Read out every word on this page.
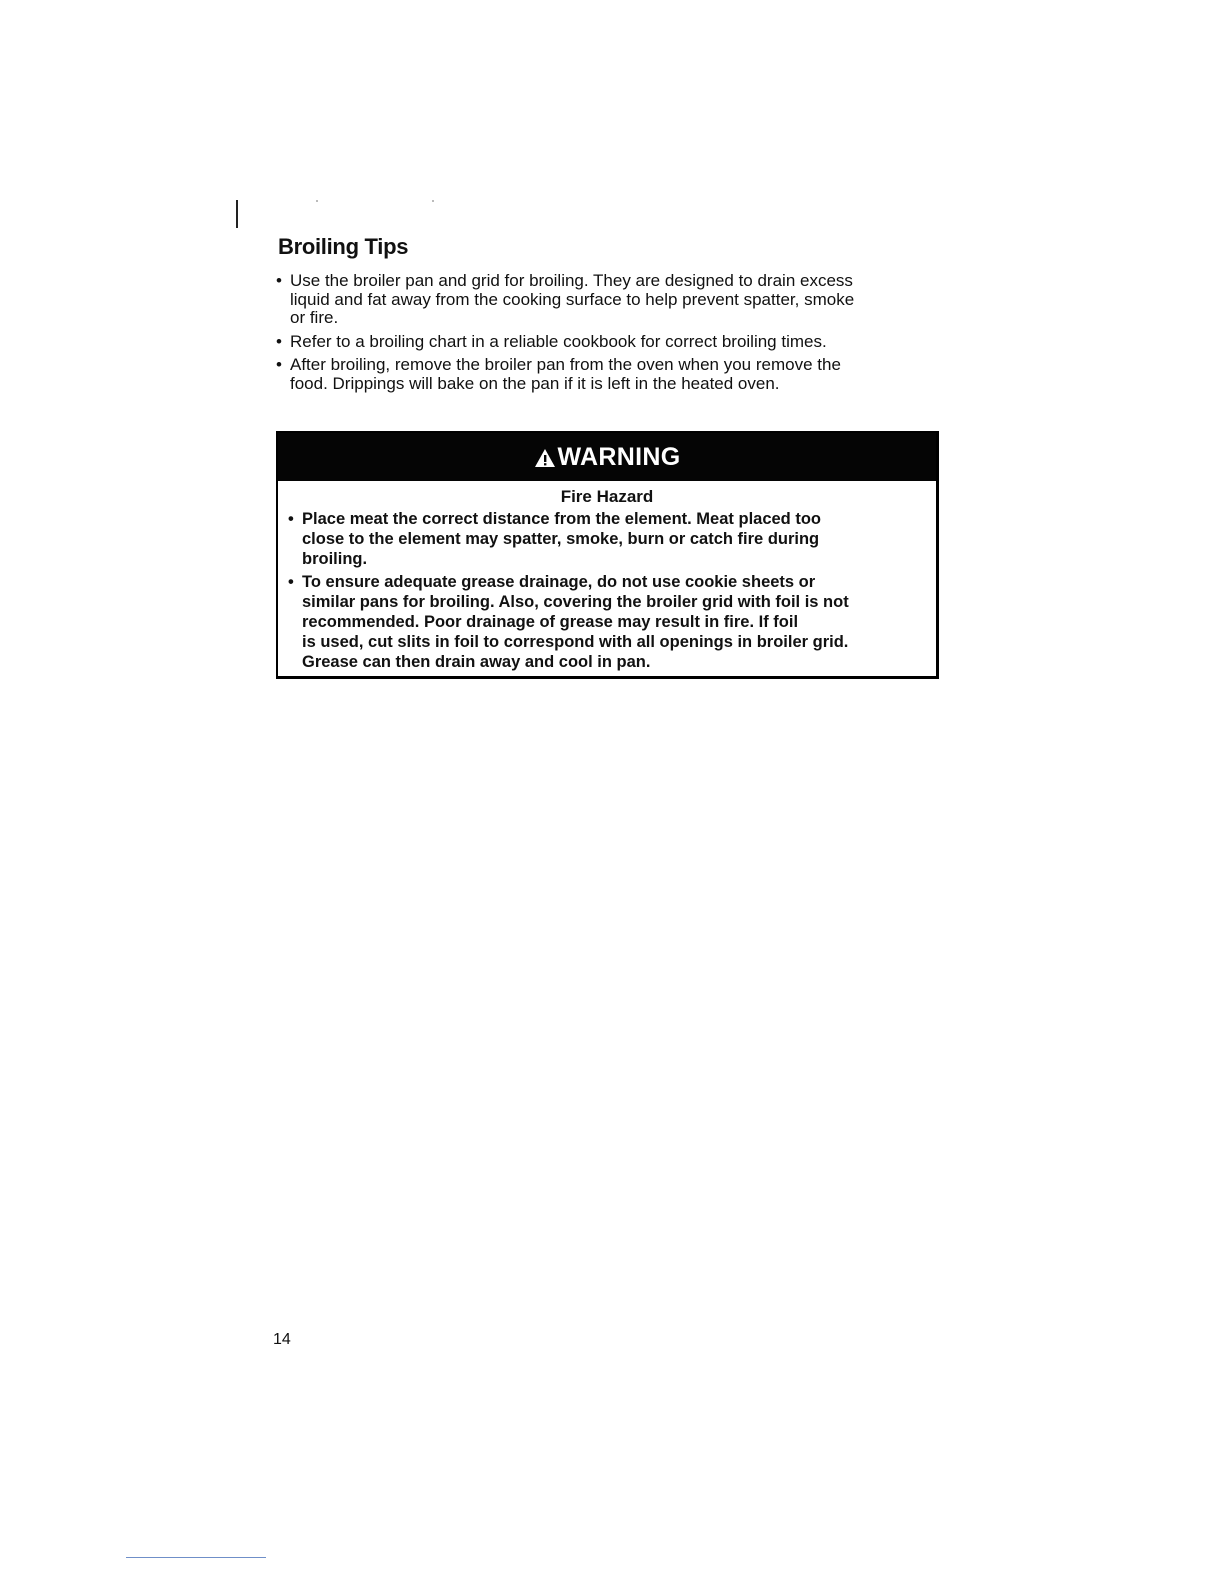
Broiling Tips
• Use the broiler pan and grid for broiling. They are designed to drain excess
liquid and fat away from the cooking surface to help prevent spatter, smoke
or fire.
• Refer to a broiling chart in a reliable cookbook for correct broiling times.
• After broiling, remove the broiler pan from the oven when you remove the
food. Drippings will bake on the pan if it is left in the heated oven.
WARNING
Fire Hazard
• Place meat the correct distance from the element. Meat placed too
close to the element may spatter, smoke, burn or catch fire during
broiling.
• To ensure adequate grease drainage, do not use cookie sheets or
similar pans for broiling. Also, covering the broiler grid with foil is not
recommended. Poor drainage of grease may result in fire. If foil
is used, cut slits in foil to correspond with all openings in broiler grid.
Grease can then drain away and cool in pan.
14
